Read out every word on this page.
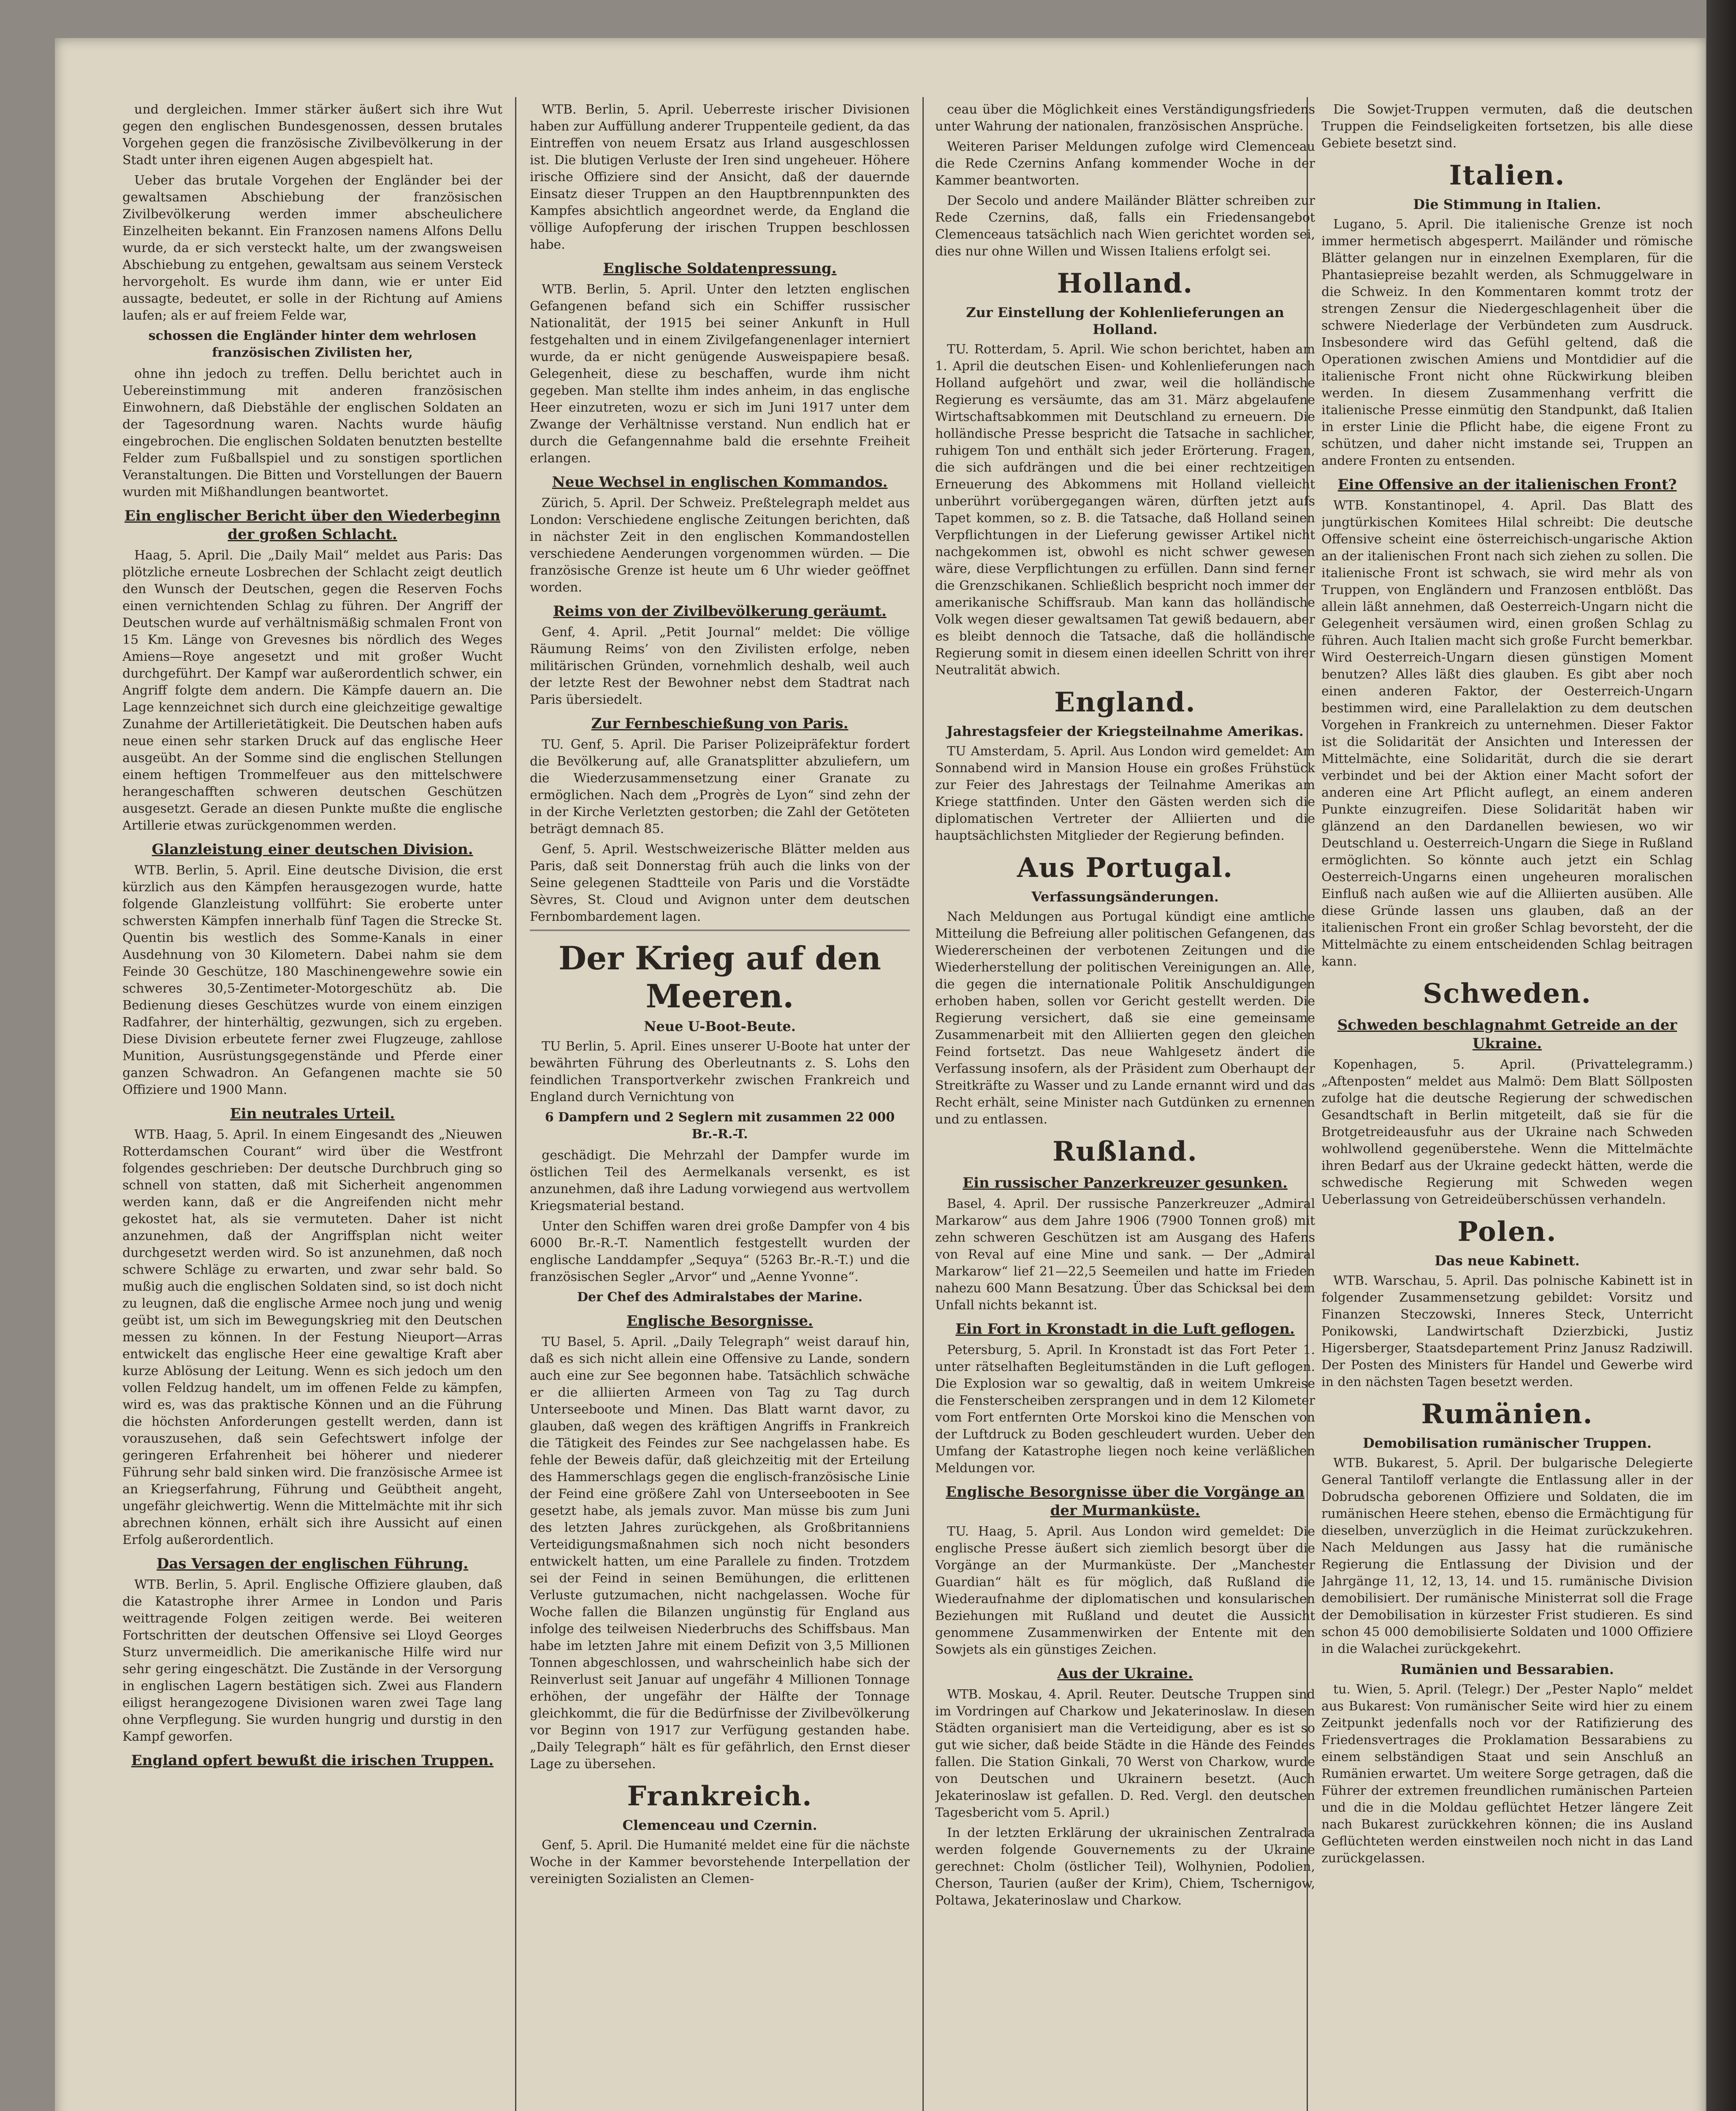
und dergleichen. Immer stärker äußert sich ihre Wut gegen den englischen Bundesgenossen, dessen brutales Vorgehen gegen die französische Zivilbevölkerung in der Stadt unter ihren eigenen Augen abgespielt hat.

Ueber das brutale Vorgehen der Engländer bei der gewaltsamen Abschiebung der französischen Zivilbevölkerung werden immer abscheulichere Einzelheiten bekannt. Ein Franzosen namens Alfons Dellu wurde, da er sich versteckt halte, um der zwangsweisen Abschiebung zu entgehen, gewaltsam aus seinem Versteck hervorgeholt. Es wurde ihm dann, wie er unter Eid aussagte, bedeutet, er solle in der Richtung auf Amiens laufen; als er auf freiem Felde war,

schossen die Engländer hinter dem wehrlosen französischen Zivilisten her,

ohne ihn jedoch zu treffen. Dellu berichtet auch in Uebereinstimmung mit anderen französischen Einwohnern, daß Diebstähle der englischen Soldaten an der Tagesordnung waren. Nachts wurde häufig eingebrochen. Die englischen Soldaten benutzten bestellte Felder zum Fußballspiel und zu sonstigen sportlichen Veranstaltungen. Die Bitten und Vorstellungen der Bauern wurden mit Mißhandlungen beantwortet.

Ein englischer Bericht über den Wiederbeginn der großen Schlacht.

Haag, 5. April. Die „Daily Mail“ meldet aus Paris: Das plötzliche erneute Losbrechen der Schlacht zeigt deutlich den Wunsch der Deutschen, gegen die Reserven Fochs einen vernichtenden Schlag zu führen. Der Angriff der Deutschen wurde auf verhältnismäßig schmalen Front von 15 Km. Länge von Grevesnes bis nördlich des Weges Amiens—Roye angesetzt und mit großer Wucht durchgeführt. Der Kampf war außerordentlich schwer, ein Angriff folgte dem andern. Die Kämpfe dauern an. Die Lage kennzeichnet sich durch eine gleichzeitige gewaltige Zunahme der Artillerietätigkeit. Die Deutschen haben aufs neue einen sehr starken Druck auf das englische Heer ausgeübt. An der Somme sind die englischen Stellungen einem heftigen Trommelfeuer aus den mittelschwere herangeschafften schweren deutschen Geschützen ausgesetzt. Gerade an diesen Punkte mußte die englische Artillerie etwas zurückgenommen werden.

Glanzleistung einer deutschen Division.

WTB. Berlin, 5. April. Eine deutsche Division, die erst kürzlich aus den Kämpfen herausgezogen wurde, hatte folgende Glanzleistung vollführt: Sie eroberte unter schwersten Kämpfen innerhalb fünf Tagen die Strecke St. Quentin bis westlich des Somme-Kanals in einer Ausdehnung von 30 Kilometern. Dabei nahm sie dem Feinde 30 Geschütze, 180 Maschinengewehre sowie ein schweres 30,5-Zentimeter-Motorgeschütz ab. Die Bedienung dieses Geschützes wurde von einem einzigen Radfahrer, der hinterhältig, gezwungen, sich zu ergeben. Diese Division erbeutete ferner zwei Flugzeuge, zahllose Munition, Ausrüstungsgegenstände und Pferde einer ganzen Schwadron. An Gefangenen machte sie 50 Offiziere und 1900 Mann.

Ein neutrales Urteil.

WTB. Haag, 5. April. In einem Eingesandt des „Nieuwen Rotterdamschen Courant“ wird über die Westfront folgendes geschrieben: Der deutsche Durchbruch ging so schnell von statten, daß mit Sicherheit angenommen werden kann, daß er die Angreifenden nicht mehr gekostet hat, als sie vermuteten. Daher ist nicht anzunehmen, daß der Angriffsplan nicht weiter durchgesetzt werden wird. So ist anzunehmen, daß noch schwere Schläge zu erwarten, und zwar sehr bald. So mußig auch die englischen Soldaten sind, so ist doch nicht zu leugnen, daß die englische Armee noch jung und wenig geübt ist, um sich im Bewegungskrieg mit den Deutschen messen zu können. In der Festung Nieuport—Arras entwickelt das englische Heer eine gewaltige Kraft aber kurze Ablösung der Leitung. Wenn es sich jedoch um den vollen Feldzug handelt, um im offenen Felde zu kämpfen, wird es, was das praktische Können und an die Führung die höchsten Anforderungen gestellt werden, dann ist vorauszusehen, daß sein Gefechtswert infolge der geringeren Erfahrenheit bei höherer und niederer Führung sehr bald sinken wird. Die französische Armee ist an Kriegserfahrung, Führung und Geübtheit angeht, ungefähr gleichwertig. Wenn die Mittelmächte mit ihr sich abrechnen können, erhält sich ihre Aussicht auf einen Erfolg außerordentlich.

Das Versagen der englischen Führung.

WTB. Berlin, 5. April. Englische Offiziere glauben, daß die Katastrophe ihrer Armee in London und Paris weittragende Folgen zeitigen werde. Bei weiteren Fortschritten der deutschen Offensive sei Lloyd Georges Sturz unvermeidlich. Die amerikanische Hilfe wird nur sehr gering eingeschätzt. Die Zustände in der Versorgung in englischen Lagern bestätigen sich. Zwei aus Flandern eiligst herangezogene Divisionen waren zwei Tage lang ohne Verpflegung. Sie wurden hungrig und durstig in den Kampf geworfen.

England opfert bewußt die irischen Truppen.

WTB. Berlin, 5. April. Ueberreste irischer Divisionen haben zur Auffüllung anderer Truppenteile gedient, da das Eintreffen von neuem Ersatz aus Irland ausgeschlossen ist. Die blutigen Verluste der Iren sind ungeheuer. Höhere irische Offiziere sind der Ansicht, daß der dauernde Einsatz dieser Truppen an den Hauptbrennpunkten des Kampfes absichtlich angeordnet werde, da England die völlige Aufopferung der irischen Truppen beschlossen habe.

Englische Soldatenpressung.

WTB. Berlin, 5. April. Unter den letzten englischen Gefangenen befand sich ein Schiffer russischer Nationalität, der 1915 bei seiner Ankunft in Hull festgehalten und in einem Zivilgefangenenlager interniert wurde, da er nicht genügende Ausweispapiere besaß. Gelegenheit, diese zu beschaffen, wurde ihm nicht gegeben. Man stellte ihm indes anheim, in das englische Heer einzutreten, wozu er sich im Juni 1917 unter dem Zwange der Verhältnisse verstand. Nun endlich hat er durch die Gefangennahme bald die ersehnte Freiheit erlangen.

Neue Wechsel in englischen Kommandos.

Zürich, 5. April. Der Schweiz. Preßtelegraph meldet aus London: Verschiedene englische Zeitungen berichten, daß in nächster Zeit in den englischen Kommandostellen verschiedene Aenderungen vorgenommen würden. — Die französische Grenze ist heute um 6 Uhr wieder geöffnet worden.

Reims von der Zivilbevölkerung geräumt.

Genf, 4. April. „Petit Journal“ meldet: Die völlige Räumung Reims’ von den Zivilisten erfolge, neben militärischen Gründen, vornehmlich deshalb, weil auch der letzte Rest der Bewohner nebst dem Stadtrat nach Paris übersiedelt.

Zur Fernbeschießung von Paris.

TU. Genf, 5. April. Die Pariser Polizeipräfektur fordert die Bevölkerung auf, alle Granatsplitter abzuliefern, um die Wiederzusammensetzung einer Granate zu ermöglichen. Nach dem „Progrès de Lyon“ sind zehn der in der Kirche Verletzten gestorben; die Zahl der Getöteten beträgt demnach 85.

Genf, 5. April. Westschweizerische Blätter melden aus Paris, daß seit Donnerstag früh auch die links von der Seine gelegenen Stadtteile von Paris und die Vorstädte Sèvres, St. Cloud und Avignon unter dem deutschen Fernbombardement lagen.

Der Krieg auf den Meeren.
Neue U-Boot-Beute.

TU Berlin, 5. April. Eines unserer U-Boote hat unter der bewährten Führung des Oberleutnants z. S. Lohs den feindlichen Transportverkehr zwischen Frankreich und England durch Vernichtung von

6 Dampfern und 2 Seglern mit zusammen 22 000 Br.-R.-T.

geschädigt. Die Mehrzahl der Dampfer wurde im östlichen Teil des Aermelkanals versenkt, es ist anzunehmen, daß ihre Ladung vorwiegend aus wertvollem Kriegsmaterial bestand.

Unter den Schiffen waren drei große Dampfer von 4 bis 6000 Br.-R.-T. Namentlich festgestellt wurden der englische Landdampfer „Sequya“ (5263 Br.-R.-T.) und die französischen Segler „Arvor“ und „Aenne Yvonne“.

Der Chef des Admiralstabes der Marine.

Englische Besorgnisse.

TU Basel, 5. April. „Daily Telegraph“ weist darauf hin, daß es sich nicht allein eine Offensive zu Lande, sondern auch eine zur See begonnen habe. Tatsächlich schwäche er die alliierten Armeen von Tag zu Tag durch Unterseeboote und Minen. Das Blatt warnt davor, zu glauben, daß wegen des kräftigen Angriffs in Frankreich die Tätigkeit des Feindes zur See nachgelassen habe. Es fehle der Beweis dafür, daß gleichzeitig mit der Erteilung des Hammerschlags gegen die englisch-französische Linie der Feind eine größere Zahl von Unterseebooten in See gesetzt habe, als jemals zuvor. Man müsse bis zum Juni des letzten Jahres zurückgehen, als Großbritanniens Verteidigungsmaßnahmen sich noch nicht besonders entwickelt hatten, um eine Parallele zu finden. Trotzdem sei der Feind in seinen Bemühungen, die erlittenen Verluste gutzumachen, nicht nachgelassen. Woche für Woche fallen die Bilanzen ungünstig für England aus infolge des teilweisen Niederbruchs des Schiffsbaus. Man habe im letzten Jahre mit einem Defizit von 3,5 Millionen Tonnen abgeschlossen, und wahrscheinlich habe sich der Reinverlust seit Januar auf ungefähr 4 Millionen Tonnage erhöhen, der ungefähr der Hälfte der Tonnage gleichkommt, die für die Bedürfnisse der Zivilbevölkerung vor Beginn von 1917 zur Verfügung gestanden habe. „Daily Telegraph“ hält es für gefährlich, den Ernst dieser Lage zu übersehen.

Frankreich.
Clemenceau und Czernin.

Genf, 5. April. Die Humanité meldet eine für die nächste Woche in der Kammer bevorstehende Interpellation der vereinigten Sozialisten an Clemen-

ceau über die Möglichkeit eines Verständigungsfriedens unter Wahrung der nationalen, französischen Ansprüche.

Weiteren Pariser Meldungen zufolge wird Clemenceau die Rede Czernins Anfang kommender Woche in der Kammer beantworten.

Der Secolo und andere Mailänder Blätter schreiben zur Rede Czernins, daß, falls ein Friedensangebot Clemenceaus tatsächlich nach Wien gerichtet worden sei, dies nur ohne Willen und Wissen Italiens erfolgt sei.

Holland.
Zur Einstellung der Kohlenlieferungen an Holland.

TU. Rotterdam, 5. April. Wie schon berichtet, haben am 1. April die deutschen Eisen- und Kohlenlieferungen nach Holland aufgehört und zwar, weil die holländische Regierung es versäumte, das am 31. März abgelaufene Wirtschaftsabkommen mit Deutschland zu erneuern. Die holländische Presse bespricht die Tatsache in sachlicher, ruhigem Ton und enthält sich jeder Erörterung. Fragen, die sich aufdrängen und die bei einer rechtzeitigen Erneuerung des Abkommens mit Holland vielleicht unberührt vorübergegangen wären, dürften jetzt aufs Tapet kommen, so z. B. die Tatsache, daß Holland seinen Verpflichtungen in der Lieferung gewisser Artikel nicht nachgekommen ist, obwohl es nicht schwer gewesen wäre, diese Verpflichtungen zu erfüllen. Dann sind ferner die Grenzschikanen. Schließlich bespricht noch immer der amerikanische Schiffsraub. Man kann das holländische Volk wegen dieser gewaltsamen Tat gewiß bedauern, aber es bleibt dennoch die Tatsache, daß die holländische Regierung somit in diesem einen ideellen Schritt von ihrer Neutralität abwich.

England.
Jahrestagsfeier der Kriegsteilnahme Amerikas.

TU Amsterdam, 5. April. Aus London wird gemeldet: Am Sonnabend wird in Mansion House ein großes Frühstück zur Feier des Jahrestags der Teilnahme Amerikas am Kriege stattfinden. Unter den Gästen werden sich die diplomatischen Vertreter der Alliierten und die hauptsächlichsten Mitglieder der Regierung befinden.

Aus Portugal.
Verfassungsänderungen.

Nach Meldungen aus Portugal kündigt eine amtliche Mitteilung die Befreiung aller politischen Gefangenen, das Wiedererscheinen der verbotenen Zeitungen und die Wiederherstellung der politischen Vereinigungen an. Alle, die gegen die internationale Politik Anschuldigungen erhoben haben, sollen vor Gericht gestellt werden. Die Regierung versichert, daß sie eine gemeinsame Zusammenarbeit mit den Alliierten gegen den gleichen Feind fortsetzt. Das neue Wahlgesetz ändert die Verfassung insofern, als der Präsident zum Oberhaupt der Streitkräfte zu Wasser und zu Lande ernannt wird und das Recht erhält, seine Minister nach Gutdünken zu ernennen und zu entlassen.

Rußland.
Ein russischer Panzerkreuzer gesunken.

Basel, 4. April. Der russische Panzerkreuzer „Admiral Markarow“ aus dem Jahre 1906 (7900 Tonnen groß) mit zehn schweren Geschützen ist am Ausgang des Hafens von Reval auf eine Mine und sank. — Der „Admiral Markarow“ lief 21—22,5 Seemeilen und hatte im Frieden nahezu 600 Mann Besatzung. Über das Schicksal bei dem Unfall nichts bekannt ist.

Ein Fort in Kronstadt in die Luft geflogen.

Petersburg, 5. April. In Kronstadt ist das Fort Peter 1. unter rätselhaften Begleitumständen in die Luft geflogen. Die Explosion war so gewaltig, daß in weitem Umkreise die Fensterscheiben zersprangen und in dem 12 Kilometer vom Fort entfernten Orte Morskoi kino die Menschen von der Luftdruck zu Boden geschleudert wurden. Ueber den Umfang der Katastrophe liegen noch keine verläßlichen Meldungen vor.

Englische Besorgnisse über die Vorgänge an der Murmanküste.

TU. Haag, 5. April. Aus London wird gemeldet: Die englische Presse äußert sich ziemlich besorgt über die Vorgänge an der Murmanküste. Der „Manchester Guardian“ hält es für möglich, daß Rußland die Wiederaufnahme der diplomatischen und konsularischen Beziehungen mit Rußland und deutet die Aussicht genommene Zusammenwirken der Entente mit den Sowjets als ein günstiges Zeichen.

Aus der Ukraine.

WTB. Moskau, 4. April. Reuter. Deutsche Truppen sind im Vordringen auf Charkow und Jekaterinoslaw. In diesen Städten organisiert man die Verteidigung, aber es ist so gut wie sicher, daß beide Städte in die Hände des Feindes fallen. Die Station Ginkali, 70 Werst von Charkow, wurde von Deutschen und Ukrainern besetzt. (Auch Jekaterinoslaw ist gefallen. D. Red. Vergl. den deutschen Tagesbericht vom 5. April.)

In der letzten Erklärung der ukrainischen Zentralrada werden folgende Gouvernements zu der Ukraine gerechnet: Cholm (östlicher Teil), Wolhynien, Podolien, Cherson, Taurien (außer der Krim), Chiem, Tschernigow, Poltawa, Jekaterinoslaw und Charkow.

Die Sowjet-Truppen vermuten, daß die deutschen Truppen die Feindseligkeiten fortsetzen, bis alle diese Gebiete besetzt sind.

Italien.
Die Stimmung in Italien.

Lugano, 5. April. Die italienische Grenze ist noch immer hermetisch abgesperrt. Mailänder und römische Blätter gelangen nur in einzelnen Exemplaren, für die Phantasiepreise bezahlt werden, als Schmuggelware in die Schweiz. In den Kommentaren kommt trotz der strengen Zensur die Niedergeschlagenheit über die schwere Niederlage der Verbündeten zum Ausdruck. Insbesondere wird das Gefühl geltend, daß die Operationen zwischen Amiens und Montdidier auf die italienische Front nicht ohne Rückwirkung bleiben werden. In diesem Zusammenhang verfritt die italienische Presse einmütig den Standpunkt, daß Italien in erster Linie die Pflicht habe, die eigene Front zu schützen, und daher nicht imstande sei, Truppen an andere Fronten zu entsenden.

Eine Offensive an der italienischen Front?

WTB. Konstantinopel, 4. April. Das Blatt des jungtürkischen Komitees Hilal schreibt: Die deutsche Offensive scheint eine österreichisch-ungarische Aktion an der italienischen Front nach sich ziehen zu sollen. Die italienische Front ist schwach, sie wird mehr als von Truppen, von Engländern und Franzosen entblößt. Das allein läßt annehmen, daß Oesterreich-Ungarn nicht die Gelegenheit versäumen wird, einen großen Schlag zu führen. Auch Italien macht sich große Furcht bemerkbar. Wird Oesterreich-Ungarn diesen günstigen Moment benutzen? Alles läßt dies glauben. Es gibt aber noch einen anderen Faktor, der Oesterreich-Ungarn bestimmen wird, eine Parallelaktion zu dem deutschen Vorgehen in Frankreich zu unternehmen. Dieser Faktor ist die Solidarität der Ansichten und Interessen der Mittelmächte, eine Solidarität, durch die sie derart verbindet und bei der Aktion einer Macht sofort der anderen eine Art Pflicht auflegt, an einem anderen Punkte einzugreifen. Diese Solidarität haben wir glänzend an den Dardanellen bewiesen, wo wir Deutschland u. Oesterreich-Ungarn die Siege in Rußland ermöglichten. So könnte auch jetzt ein Schlag Oesterreich-Ungarns einen ungeheuren moralischen Einfluß nach außen wie auf die Alliierten ausüben. Alle diese Gründe lassen uns glauben, daß an der italienischen Front ein großer Schlag bevorsteht, der die Mittelmächte zu einem entscheidenden Schlag beitragen kann.

Schweden.
Schweden beschlagnahmt Getreide an der Ukraine.

Kopenhagen, 5. April. (Privattelegramm.) „Aftenposten“ meldet aus Malmö: Dem Blatt Söllposten zufolge hat die deutsche Regierung der schwedischen Gesandtschaft in Berlin mitgeteilt, daß sie für die Brotgetreideausfuhr aus der Ukraine nach Schweden wohlwollend gegenüberstehe. Wenn die Mittelmächte ihren Bedarf aus der Ukraine gedeckt hätten, werde die schwedische Regierung mit Schweden wegen Ueberlassung von Getreideüberschüssen verhandeln.

Polen.
Das neue Kabinett.

WTB. Warschau, 5. April. Das polnische Kabinett ist in folgender Zusammensetzung gebildet: Vorsitz und Finanzen Steczowski, Inneres Steck, Unterricht Ponikowski, Landwirtschaft Dzierzbicki, Justiz Higersberger, Staatsdepartement Prinz Janusz Radziwill. Der Posten des Ministers für Handel und Gewerbe wird in den nächsten Tagen besetzt werden.

Rumänien.
Demobilisation rumänischer Truppen.

WTB. Bukarest, 5. April. Der bulgarische Delegierte General Tantiloff verlangte die Entlassung aller in der Dobrudscha geborenen Offiziere und Soldaten, die im rumänischen Heere stehen, ebenso die Ermächtigung für dieselben, unverzüglich in die Heimat zurückzukehren. Nach Meldungen aus Jassy hat die rumänische Regierung die Entlassung der Division und der Jahrgänge 11, 12, 13, 14. und 15. rumänische Division demobilisiert. Der rumänische Ministerrat soll die Frage der Demobilisation in kürzester Frist studieren. Es sind schon 45 000 demobilisierte Soldaten und 1000 Offiziere in die Walachei zurückgekehrt.

Rumänien und Bessarabien.

tu. Wien, 5. April. (Telegr.) Der „Pester Naplo“ meldet aus Bukarest: Von rumänischer Seite wird hier zu einem Zeitpunkt jedenfalls noch vor der Ratifizierung des Friedensvertrages die Proklamation Bessarabiens zu einem selbständigen Staat und sein Anschluß an Rumänien erwartet. Um weitere Sorge getragen, daß die Führer der extremen freundlichen rumänischen Parteien und die in die Moldau geflüchtet Hetzer längere Zeit nach Bukarest zurückkehren können; die ins Ausland Geflüchteten werden einstweilen noch nicht in das Land zurückgelassen.
